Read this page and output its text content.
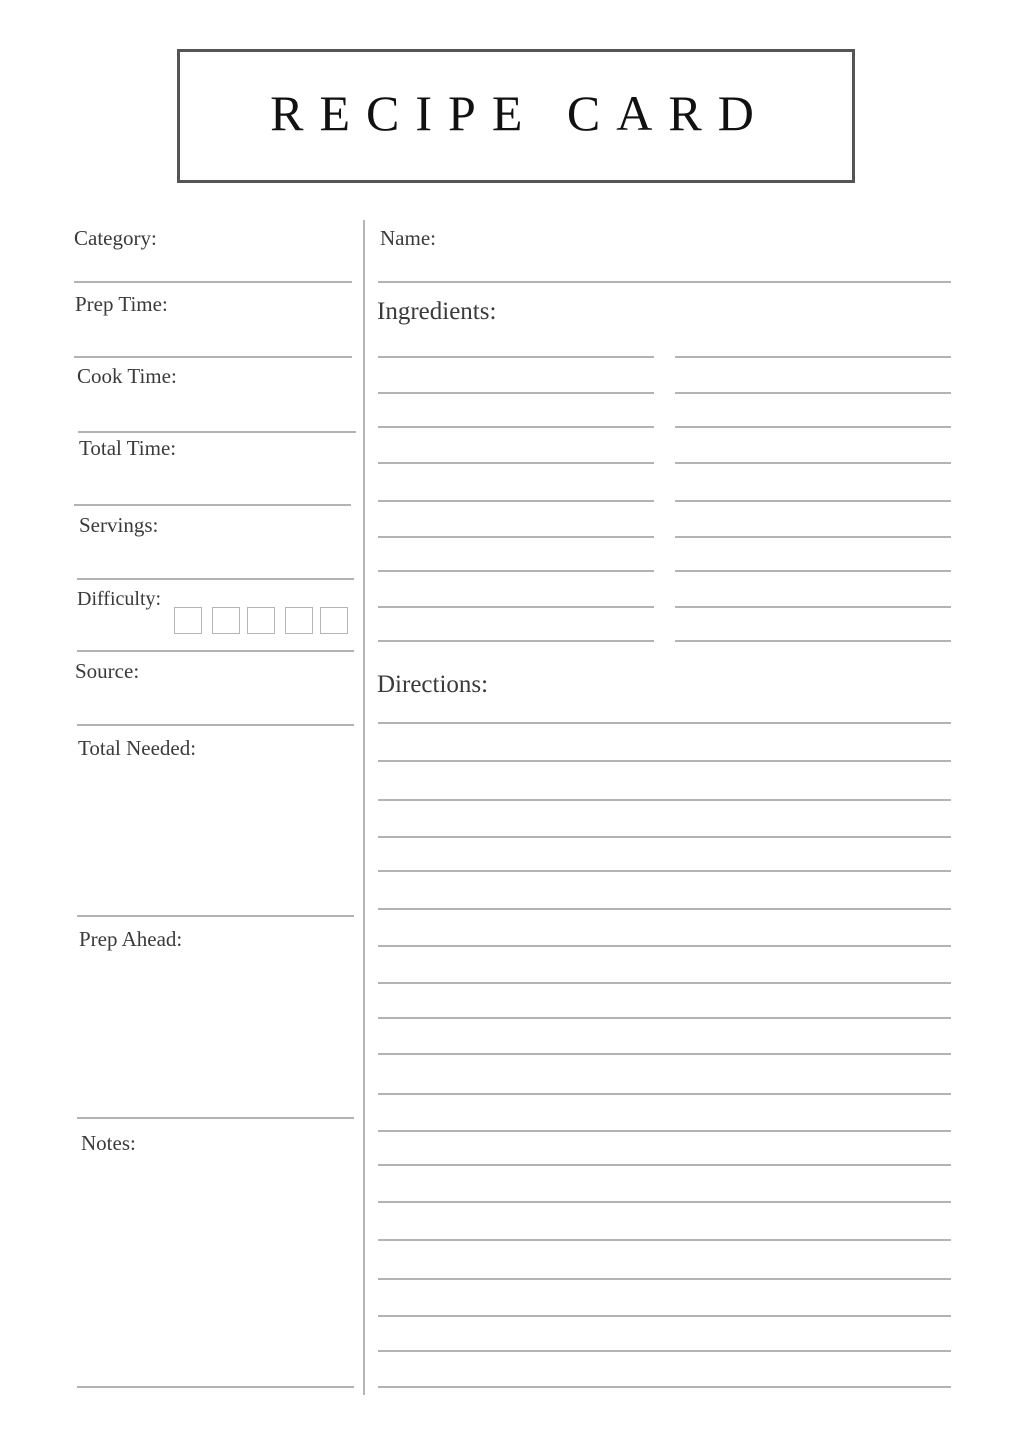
RECIPE CARD
Category:
Prep Time:
Cook Time:
Total Time:
Servings:
Difficulty:
Source:
Total Needed:
Prep Ahead:
Notes:
Name:
Ingredients:
Directions:
